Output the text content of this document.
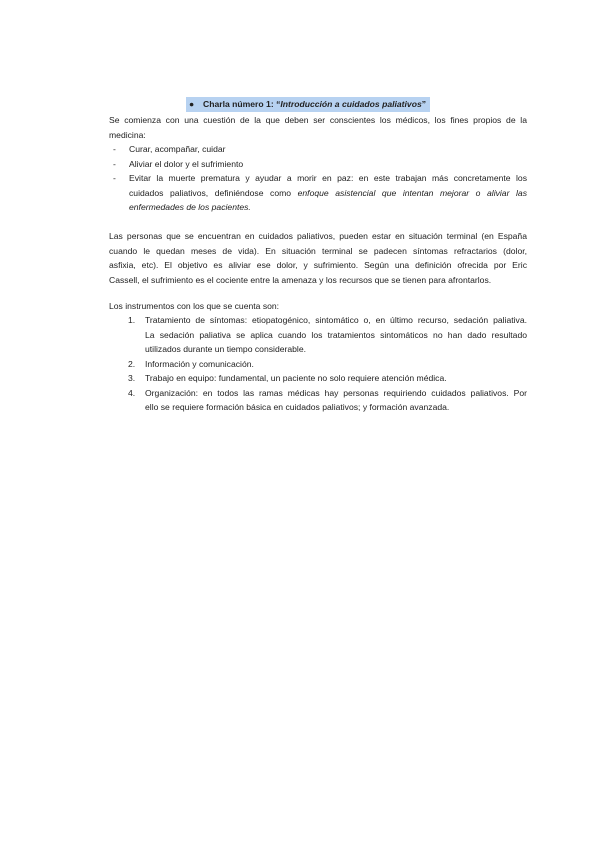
● Charla número 1: “Introducción a cuidados paliativos”
Se comienza con una cuestión de la que deben ser conscientes los médicos, los fines propios de la
medicina:
- Curar, acompañar, cuidar
- Aliviar el dolor y el sufrimiento
- Evitar la muerte prematura y ayudar a morir en paz: en este trabajan más concretamente los
cuidados paliativos, definiéndose como enfoque asistencial que intentan mejorar o aliviar las
enfermedades de los pacientes.
Las personas que se encuentran en cuidados paliativos, pueden estar en situación terminal (en España
cuando le quedan meses de vida). En situación terminal se padecen síntomas refractarios (dolor,
asfixia, etc). El objetivo es aliviar ese dolor, y sufrimiento. Según una definición ofrecida por Eric
Cassell, el sufrimiento es el cociente entre la amenaza y los recursos que se tienen para afrontarlos.
Los instrumentos con los que se cuenta son:
1. Tratamiento de síntomas: etiopatogénico, sintomático o, en último recurso, sedación paliativa.
La sedación paliativa se aplica cuando los tratamientos sintomáticos no han dado resultado
utilizados durante un tiempo considerable.
2. Información y comunicación.
3. Trabajo en equipo: fundamental, un paciente no solo requiere atención médica.
4. Organización: en todos las ramas médicas hay personas requiriendo cuidados paliativos. Por
ello se requiere formación básica en cuidados paliativos; y formación avanzada.
